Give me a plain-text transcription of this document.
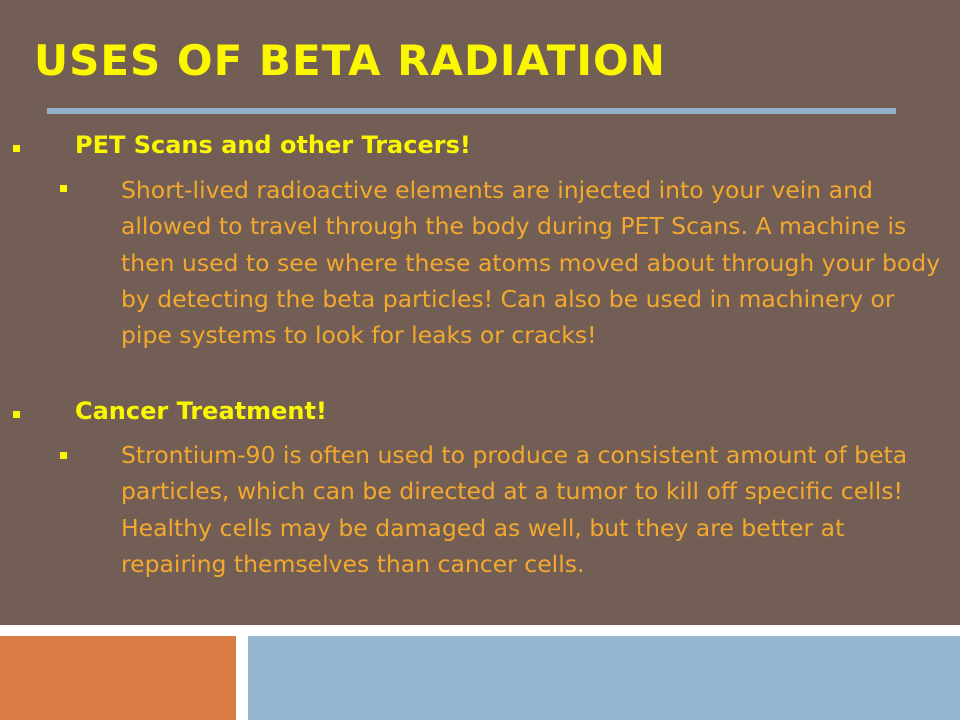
USES OF BETA RADIATION
PET Scans and other Tracers!
Short-lived radioactive elements are injected into your vein and allowed to travel through the body during PET Scans. A machine is then used to see where these atoms moved about through your body by detecting the beta particles! Can also be used in machinery or pipe systems to look for leaks or cracks!
Cancer Treatment!
Strontium-90 is often used to produce a consistent amount of beta particles, which can be directed at a tumor to kill off specific cells! Healthy cells may be damaged as well, but they are better at repairing themselves than cancer cells.
